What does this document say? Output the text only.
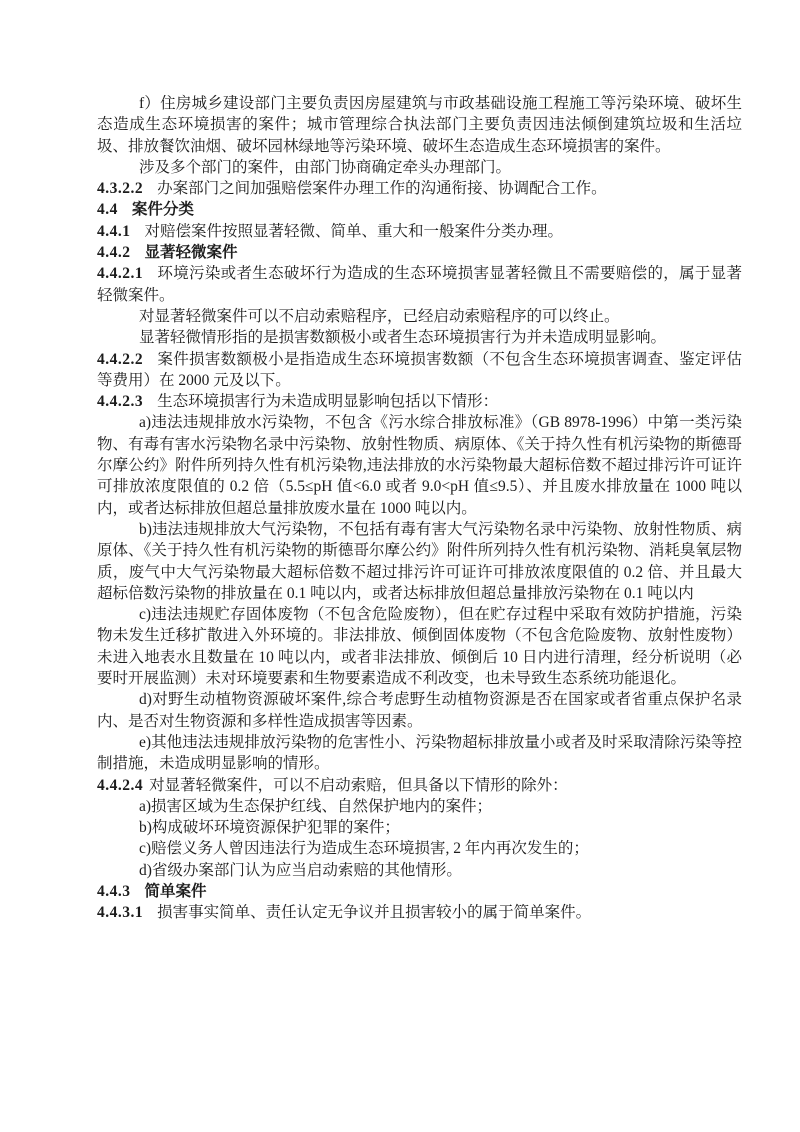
f）住房城乡建设部门主要负责因房屋建筑与市政基础设施工程施工等污染环境、破坏生态造成生态环境损害的案件；城市管理综合执法部门主要负责因违法倾倒建筑垃圾和生活垃圾、排放餐饮油烟、破坏园林绿地等污染环境、破坏生态造成生态环境损害的案件。

涉及多个部门的案件，由部门协商确定牵头办理部门。

4.3.2.2 办案部门之间加强赔偿案件办理工作的沟通衔接、协调配合工作。

4.4 案件分类

4.4.1 对赔偿案件按照显著轻微、简单、重大和一般案件分类办理。

4.4.2 显著轻微案件

4.4.2.1 环境污染或者生态破坏行为造成的生态环境损害显著轻微且不需要赔偿的，属于显著轻微案件。

对显著轻微案件可以不启动索赔程序，已经启动索赔程序的可以终止。

显著轻微情形指的是损害数额极小或者生态环境损害行为并未造成明显影响。

4.4.2.2 案件损害数额极小是指造成生态环境损害数额（不包含生态环境损害调查、鉴定评估等费用）在 2000 元及以下。

4.4.2.3 生态环境损害行为未造成明显影响包括以下情形：

a)违法违规排放水污染物，不包含《污水综合排放标准》（GB 8978-1996）中第一类污染物、有毒有害水污染物名录中污染物、放射性物质、病原体、《关于持久性有机污染物的斯德哥尔摩公约》附件所列持久性有机污染物,违法排放的水污染物最大超标倍数不超过排污许可证许可排放浓度限值的 0.2 倍（5.5≤pH 值<6.0 或者 9.0<pH 值≤9.5）、并且废水排放量在 1000 吨以内，或者达标排放但超总量排放废水量在 1000 吨以内。

b)违法违规排放大气污染物，不包括有毒有害大气污染物名录中污染物、放射性物质、病原体、《关于持久性有机污染物的斯德哥尔摩公约》附件所列持久性有机污染物、消耗臭氧层物质，废气中大气污染物最大超标倍数不超过排污许可证许可排放浓度限值的 0.2 倍、并且最大超标倍数污染物的排放量在 0.1 吨以内，或者达标排放但超总量排放污染物在 0.1 吨以内

c)违法违规贮存固体废物（不包含危险废物），但在贮存过程中采取有效防护措施，污染物未发生迁移扩散进入外环境的。非法排放、倾倒固体废物（不包含危险废物、放射性废物）未进入地表水且数量在 10 吨以内，或者非法排放、倾倒后 10 日内进行清理，经分析说明（必要时开展监测）未对环境要素和生物要素造成不利改变，也未导致生态系统功能退化。

d)对野生动植物资源破坏案件,综合考虑野生动植物资源是否在国家或者省重点保护名录内、是否对生物资源和多样性造成损害等因素。

e)其他违法违规排放污染物的危害性小、污染物超标排放量小或者及时采取清除污染等控制措施，未造成明显影响的情形。

4.4.2.4 对显著轻微案件，可以不启动索赔，但具备以下情形的除外：

a)损害区域为生态保护红线、自然保护地内的案件；

b)构成破坏环境资源保护犯罪的案件；

c)赔偿义务人曾因违法行为造成生态环境损害, 2 年内再次发生的；

d)省级办案部门认为应当启动索赔的其他情形。

4.4.3 简单案件

4.4.3.1 损害事实简单、责任认定无争议并且损害较小的属于简单案件。
